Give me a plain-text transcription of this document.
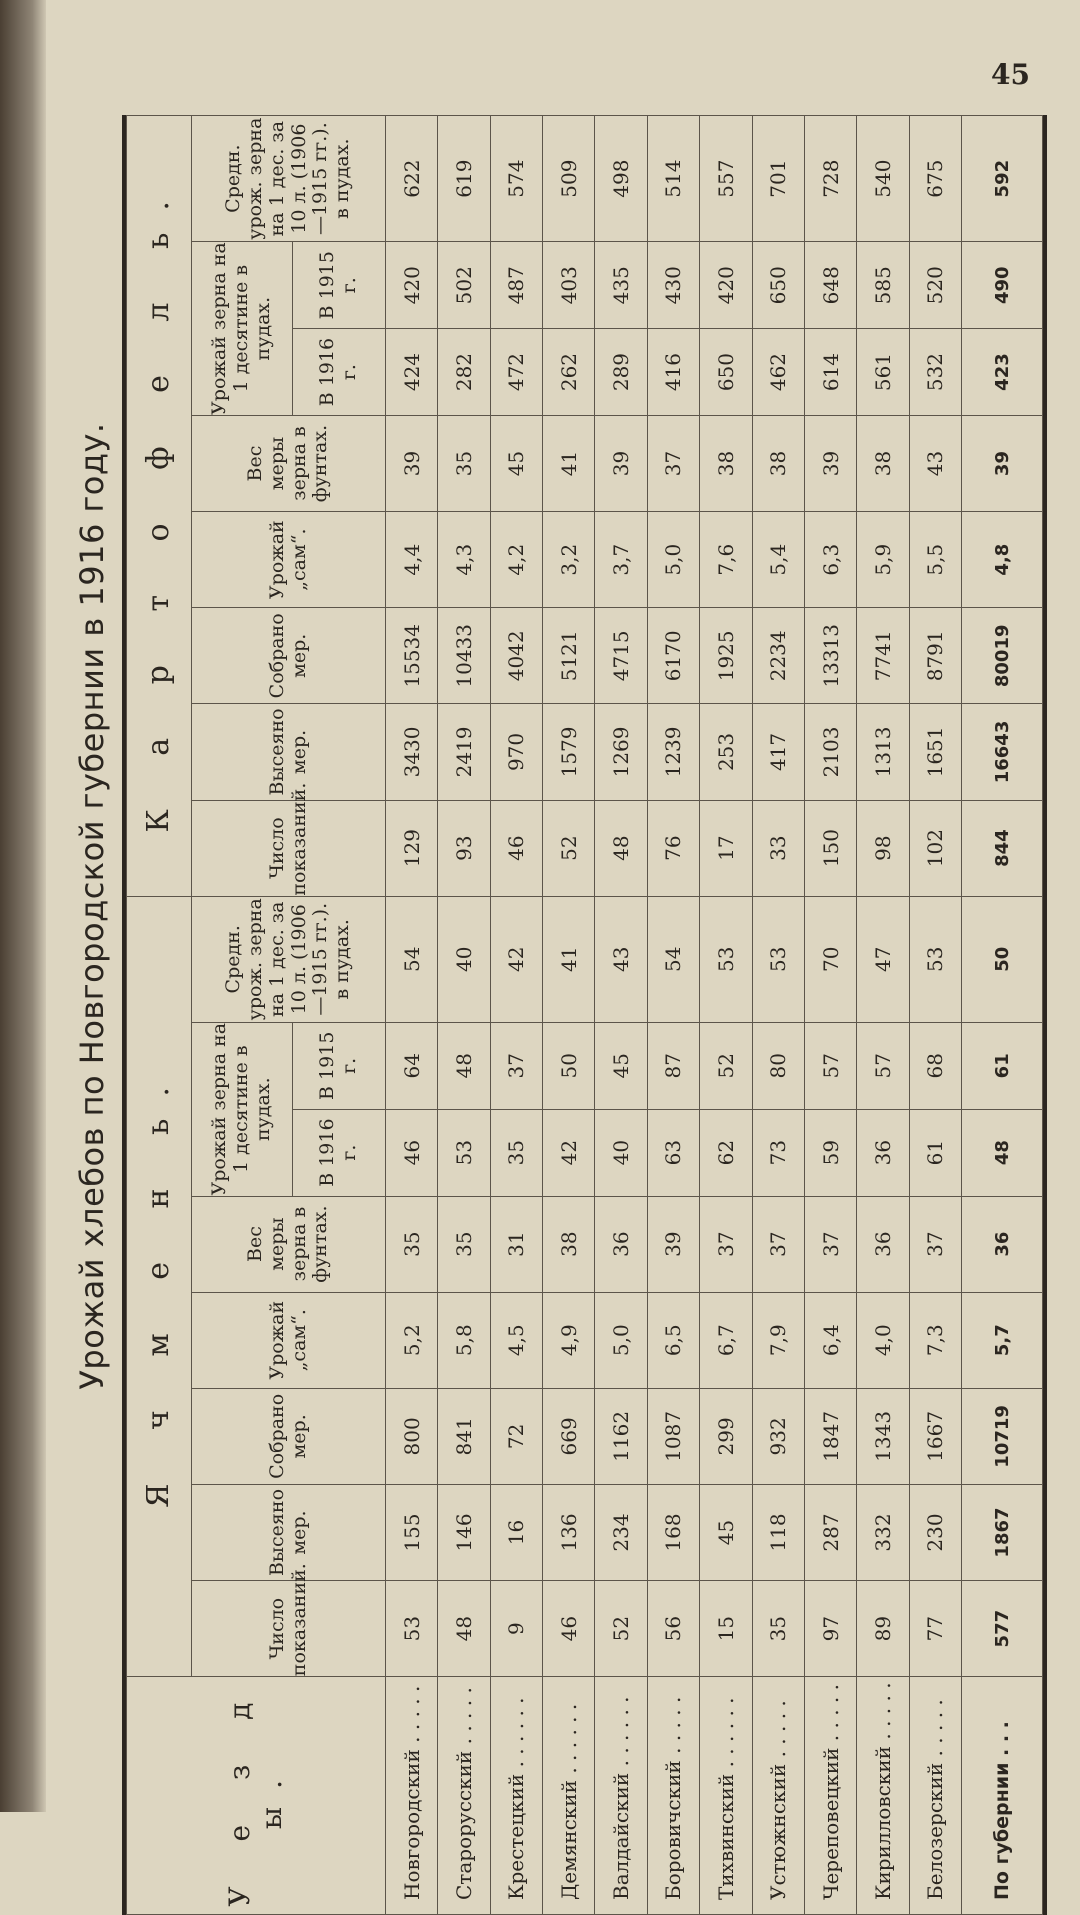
45
Урожай хлебов по Новгородской губернии в 1916 году.
У е з д ы.	Я ч м е н ь.								К а р т о ф е л ь.							
	Число показаний.	Высеяно мер.	Собрано мер.	Урожай „сам“.	Вес меры зерна в фунтах.	Урожай зерна на 1 десятине в пудах.		Средн. урож. зерна на 1 дес. за 10 л. (1906—1915 гг.). в пудах.	Число показаний.	Высеяно мер.	Собрано мер.	Урожай „сам“.	Вес меры зерна в фунтах.	Урожай зерна на 1 десятине в пудах.		Средн. урож. зерна на 1 дес. за 10 л. (1906—1915 гг.). в пудах.
						В 1916 г.	В 1915 г.							В 1916 г.	В 1915 г.	
Новгородский . . . . .	53	155	800	5,2	35	46	64	54	129	3430	15534	4,4	39	424	420	622
Старорусский . . . . .	48	146	841	5,8	35	53	48	40	93	2419	10433	4,3	35	282	502	619
Крестецкий . . . . . .	9	16	72	4,5	31	35	37	42	46	970	4042	4,2	45	472	487	574
Демянский . . . . . .	46	136	669	4,9	38	42	50	41	52	1579	5121	3,2	41	262	403	509
Валдайский . . . . . .	52	234	1162	5,0	36	40	45	43	48	1269	4715	3,7	39	289	435	498
Боровичский . . . . .	56	168	1087	6,5	39	63	87	54	76	1239	6170	5,0	37	416	430	514
Тихвинский . . . . . .	15	45	299	6,7	37	62	52	53	17	253	1925	7,6	38	650	420	557
Устюжнский . . . . .	35	118	932	7,9	37	73	80	53	33	417	2234	5,4	38	462	650	701
Череповецкий . . . . .	97	287	1847	6,4	37	59	57	70	150	2103	13313	6,3	39	614	648	728
Кирилловский . . . . .	89	332	1343	4,0	36	36	57	47	98	1313	7741	5,9	38	561	585	540
Белозерский . . . . .	77	230	1667	7,3	37	61	68	53	102	1651	8791	5,5	43	532	520	675
По губернии . . .	577	1867	10719	5,7	36	48	61	50	844	16643	80019	4,8	39	423	490	592
